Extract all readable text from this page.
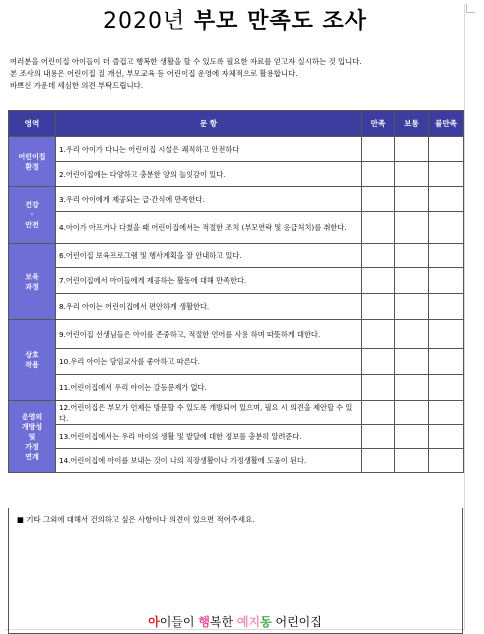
2020년 부모 만족도 조사
여러분을 어린이집 아이들이 더 즐겁고 행복한 생활을 할 수 있도록 필요한 자료를 얻고자 실시하는 것 입니다.
본 조사의 내용은 어린이집 질 개선, 부모교육 등 어린이집 운영에 자체적으로 활용합니다.
바쁘신 가운데 세심한 의견 부탁드립니다.
영역	문 항	만족	보통	불만족

어린이집
환경	1.우리 아이가 다니는 어린이집 시설은 쾌적하고 안전하다			
	2.어린이집에는 다양하고 충분한 양의 놀잇감이 있다.			

건강
·
안전	3.우리 아이에게 제공되는 급·간식에 만족한다.			
	4.아이가 아프거나 다쳤을 때 어린이집에서는 적절한 조치 (부모연락 및 응급처치)를 취한다.			

보육
과정	6.어린이집 보육프로그램 및 행사계획을 잘 안내하고 있다.			
	7.어린이집에서 아이들에게 제공하는 활동에 대해 만족한다.			
	8.우리 아이는 어린이집에서 편안하게 생활한다.			

상호
작용	9.어린이집 선생님들은 아이를 존중하고, 적절한 언어를 사용 하며 따뜻하게 대한다.			
	10.우리 아이는 담임교사를 좋아하고 따른다.			
	11.어린이집에서 우리 아이는 갈등문제가 없다.			

운영의
개방성
및
가정
연계	12.어린이집은 부모가 언제든 방문할 수 있도록 개방되어 있으며, 필요 시 의견을 제안할 수 있다.			
	13.어린이집에서는 우리 아이의 생활 및 발달에 대한 정보를 충분히 알려준다.			
	14.어린이집에 아이를 보내는 것이 나의 직장생활이나 가정생활에 도움이 된다.			
■ 기타 그외에 대해서 건의하고 싶은 사항이나 의견이 있으면 적어주세요.
아이들이 행복한 예지동 어린이집
